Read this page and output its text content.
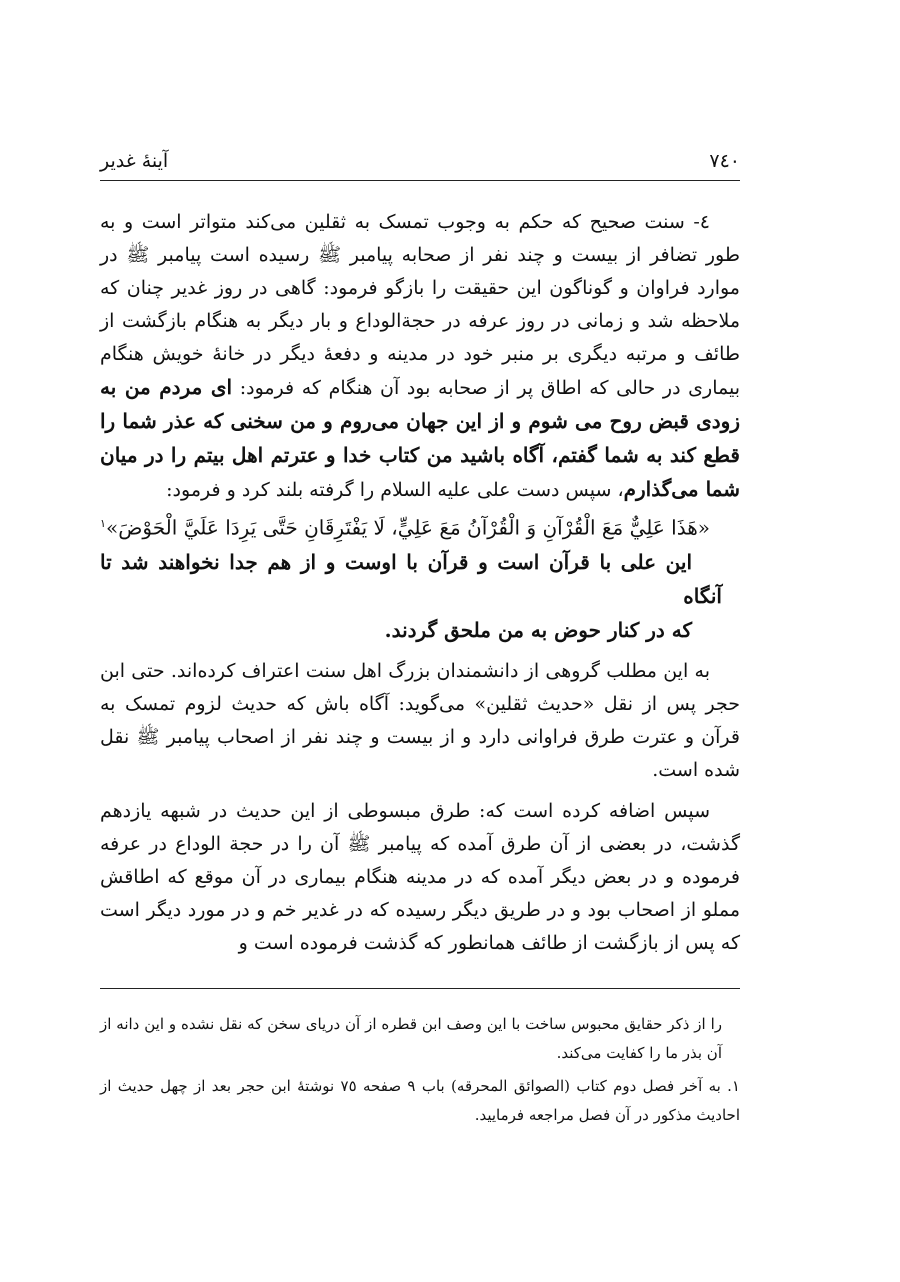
٧٤٠
آینهٔ غدیر

٤- سنت صحیح که حکم به وجوب تمسک به ثقلین می‌کند متواتر است و به طور تضافر از بیست و چند نفر از صحابه پیامبر ﷺ رسیده است پیامبر ﷺ در موارد فراوان و گوناگون این حقیقت را بازگو فرمود: گاهی در روز غدیر چنان که ملاحظه شد و زمانی در روز عرفه در حجةالوداع و بار دیگر به هنگام بازگشت از طائف و مرتبه دیگری بر منبر خود در مدینه و دفعهٔ دیگر در خانهٔ خویش هنگام بیماری در حالی که اطاق پر از صحابه بود آن هنگام که فرمود: ای مردم من به زودی قبض روح می شوم و از این جهان می‌روم و من سخنی که عذر شما را قطع کند به شما گفتم، آگاه باشید من کتاب خدا و عترتم اهل بیتم را در میان شما می‌گذارم، سپس دست علی علیه السلام را گرفته بلند کرد و فرمود:

«هَذَا عَلِيٌّ مَعَ الْقُرْآنِ وَ الْقُرْآنُ مَعَ عَلِيٍّ، لَا يَفْتَرِقَانِ حَتَّى يَرِدَا عَلَيَّ الْحَوْضَ»$^١$

این علی با قرآن است و قرآن با اوست و از هم جدا نخواهند شد تا آنگاه
که در کنار حوض به من ملحق گردند.

به این مطلب گروهی از دانشمندان بزرگ اهل سنت اعتراف کرده‌اند. حتی ابن حجر پس از نقل «حدیث ثقلین» می‌گوید: آگاه باش که حدیث لزوم تمسک به قرآن و عترت طرق فراوانی دارد و از بیست و چند نفر از اصحاب پیامبر ﷺ نقل شده است.

سپس اضافه کرده است که: طرق مبسوطی از این حدیث در شبهه یازدهم گذشت، در بعضی از آن طرق آمده که پیامبر ﷺ آن را در حجة الوداع در عرفه فرموده و در بعض دیگر آمده که در مدینه هنگام بیماری در آن موقع که اطاقش مملو از اصحاب بود و در طریق دیگر رسیده که در غدیر خم و در مورد دیگر است که پس از بازگشت از طائف همانطور که گذشت فرموده است و

را از ذکر حقایق محبوس ساخت با این وصف ابن قطره از آن دریای سخن که نقل نشده و این دانه از آن بذر ما را کفایت می‌کند.

١. به آخر فصل دوم کتاب (الصوائق المحرقه) باب ٩ صفحه ٧٥ نوشتهٔ ابن حجر بعد از چهل حدیث از احادیث مذکور در آن فصل مراجعه فرمایید.
